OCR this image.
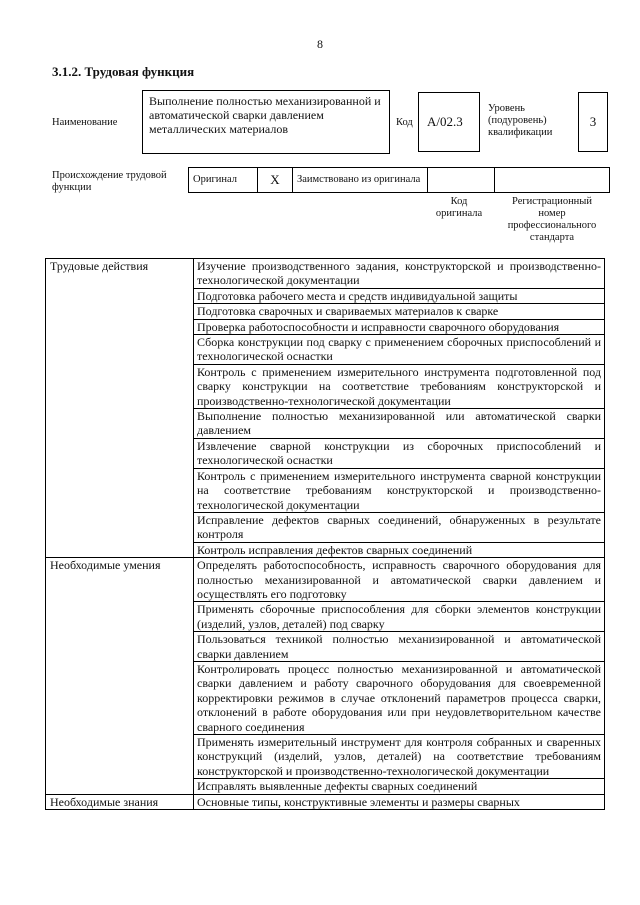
8
3.1.2. Трудовая функция
Наименование
Выполнение полностью механизированной и автоматической сварки давлением металлических материалов	Код	A/02.3
Уровень (подуровень) квалификации
3
Происхождение трудовой функции
Оригинал	X	Заимствовано из оригинала		
Код оригинала
Регистрационный номер профессионального стандарта
Трудовые действия	Изучение производственного задания, конструкторской и производственно-технологической документации
	Подготовка рабочего места и средств индивидуальной защиты
	Подготовка сварочных и свариваемых материалов к сварке
	Проверка работоспособности и исправности сварочного оборудования
	Сборка конструкции под сварку с применением сборочных приспособлений и технологической оснастки
	Контроль с применением измерительного инструмента подготовленной под сварку конструкции на соответствие требованиям конструкторской и производственно-технологической документации
	Выполнение полностью механизированной или автоматической сварки давлением
	Извлечение сварной конструкции из сборочных приспособлений и технологической оснастки
	Контроль с применением измерительного инструмента сварной конструкции на соответствие требованиям конструкторской и производственно-технологической документации
	Исправление дефектов сварных соединений, обнаруженных в результате контроля
	Контроль исправления дефектов сварных соединений
Необходимые умения	Определять работоспособность, исправность сварочного оборудования для полностью механизированной и автоматической сварки давлением и осуществлять его подготовку
	Применять сборочные приспособления для сборки элементов конструкции (изделий, узлов, деталей) под сварку
	Пользоваться техникой полностью механизированной и автоматической сварки давлением
	Контролировать процесс полностью механизированной и автоматической сварки давлением и работу сварочного оборудования для своевременной корректировки режимов в случае отклонений параметров процесса сварки, отклонений в работе оборудования или при неудовлетворительном качестве сварного соединения
	Применять измерительный инструмент для контроля собранных и сваренных конструкций (изделий, узлов, деталей) на соответствие требованиям конструкторской и производственно-технологической документации
	Исправлять выявленные дефекты сварных соединений
Необходимые знания	Основные типы, конструктивные элементы и размеры сварных
